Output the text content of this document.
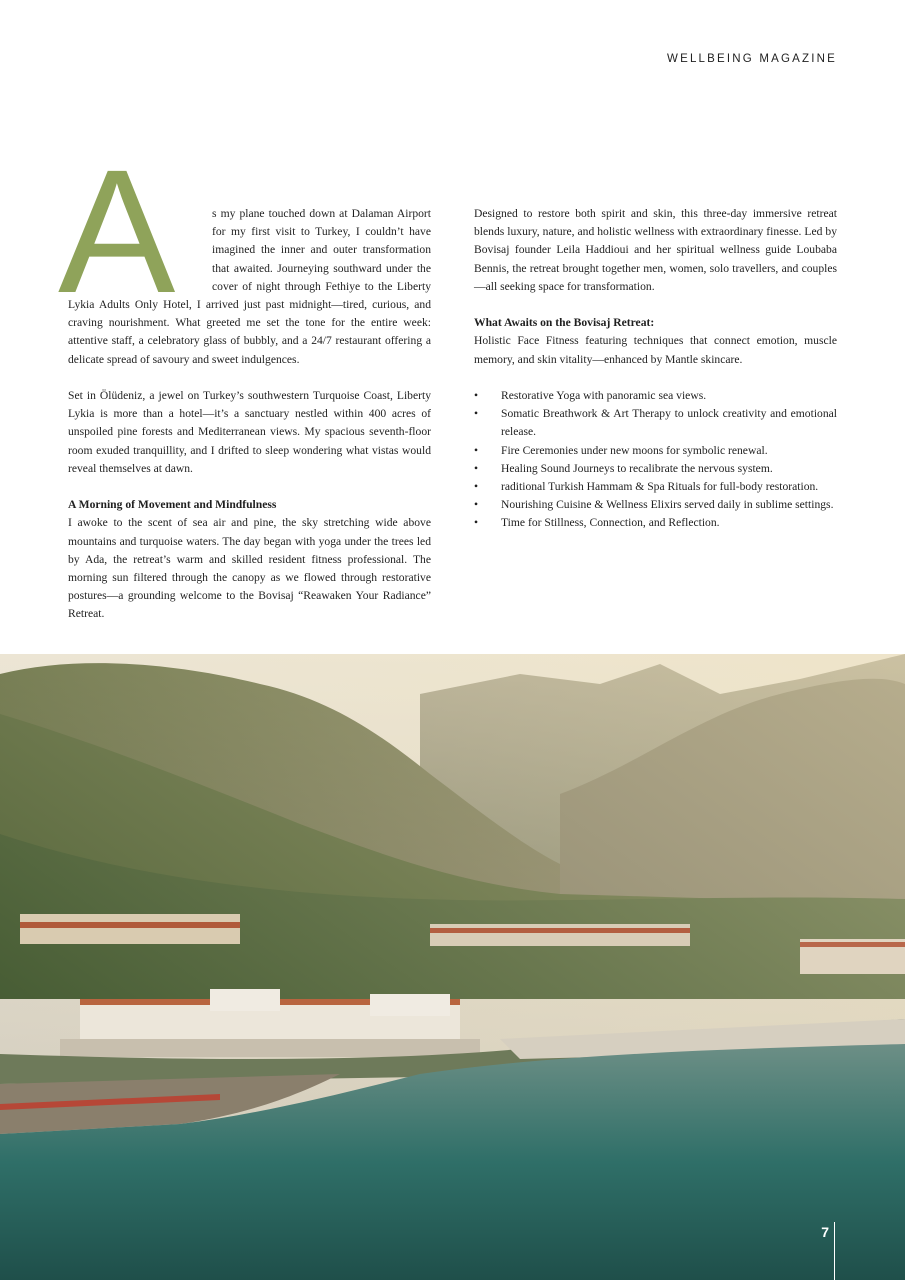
WELLBEING MAGAZINE

A	s my plane touched down at Dalaman Airport for my first visit to Turkey, I couldn’t have imagined the inner and outer transformation that awaited. Journeying southward under the cover of night through Fethiye to the Liberty Lykia Adults Only Hotel, I arrived just past midnight—tired, curious, and craving nourishment. What greeted me set the tone for the entire week: attentive staff, a celebratory glass of bubbly, and a 24/7 restaurant offering a delicate spread of savoury and sweet indulgences.

Set in Ölüdeniz, a jewel on Turkey’s southwestern Turquoise Coast, Liberty Lykia is more than a hotel—it’s a sanctuary nestled within 400 acres of unspoiled pine forests and Mediterranean views. My spacious seventh-floor room exuded tranquillity, and I drifted to sleep wondering what vistas would reveal themselves at dawn.

A Morning of Movement and Mindfulness
I awoke to the scent of sea air and pine, the sky stretching wide above mountains and turquoise waters. The day began with yoga under the trees led by Ada, the retreat’s warm and skilled resident fitness professional. The morning sun filtered through the canopy as we flowed through restorative postures—a grounding welcome to the Bovisaj “Reawaken Your Radiance” Retreat.

Designed to restore both spirit and skin, this three-day immersive retreat blends luxury, nature, and holistic wellness with extraordinary finesse. Led by Bovisaj founder Leila Haddioui and her spiritual wellness guide Loubaba Bennis, the retreat brought together men, women, solo travellers, and couples—all seeking space for transformation.

What Awaits on the Bovisaj Retreat:
Holistic Face Fitness featuring techniques that connect emotion, muscle memory, and skin vitality—enhanced by Mantle skincare.

• Restorative Yoga with panoramic sea views.
• Somatic Breathwork & Art Therapy to unlock creativity and emotional release.
• Fire Ceremonies under new moons for symbolic renewal.
• Healing Sound Journeys to recalibrate the nervous system.
• raditional Turkish Hammam & Spa Rituals for full-body restoration.
• Nourishing Cuisine & Wellness Elixirs served daily in sublime settings.
• Time for Stillness, Connection, and Reflection.
7
